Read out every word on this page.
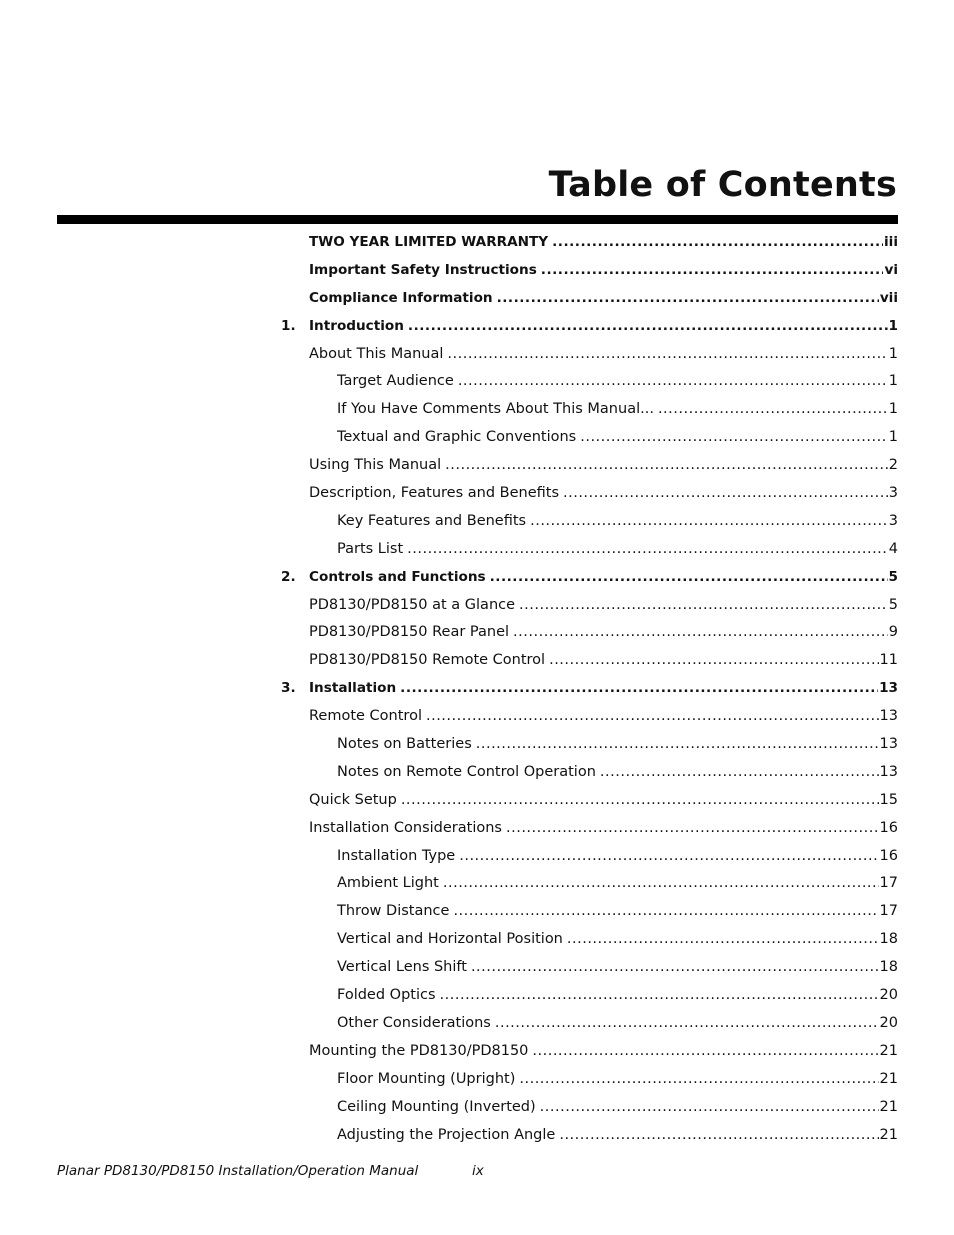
Table of Contents
TWO YEAR LIMITED WARRANTY .....	iii
Important Safety Instructions .....	vi
Compliance Information .....	vii
1. Introduction .....	1
About This Manual .....	1
Target Audience .....	1
If You Have Comments About This Manual... .....	1
Textual and Graphic Conventions .....	1
Using This Manual .....	2
Description, Features and Benefits .....	3
Key Features and Benefits .....	3
Parts List .....	4
2. Controls and Functions .....	5
PD8130/PD8150 at a Glance .....	5
PD8130/PD8150 Rear Panel .....	9
PD8130/PD8150 Remote Control .....	11
3. Installation .....	13
Remote Control .....	13
Notes on Batteries .....	13
Notes on Remote Control Operation .....	13
Quick Setup .....	15
Installation Considerations .....	16
Installation Type .....	16
Ambient Light .....	17
Throw Distance .....	17
Vertical and Horizontal Position .....	18
Vertical Lens Shift .....	18
Folded Optics .....	20
Other Considerations .....	20
Mounting the PD8130/PD8150 .....	21
Floor Mounting (Upright) .....	21
Ceiling Mounting (Inverted) .....	21
Adjusting the Projection Angle .....	21
Planar PD8130/PD8150 Installation/Operation Manual	ix
